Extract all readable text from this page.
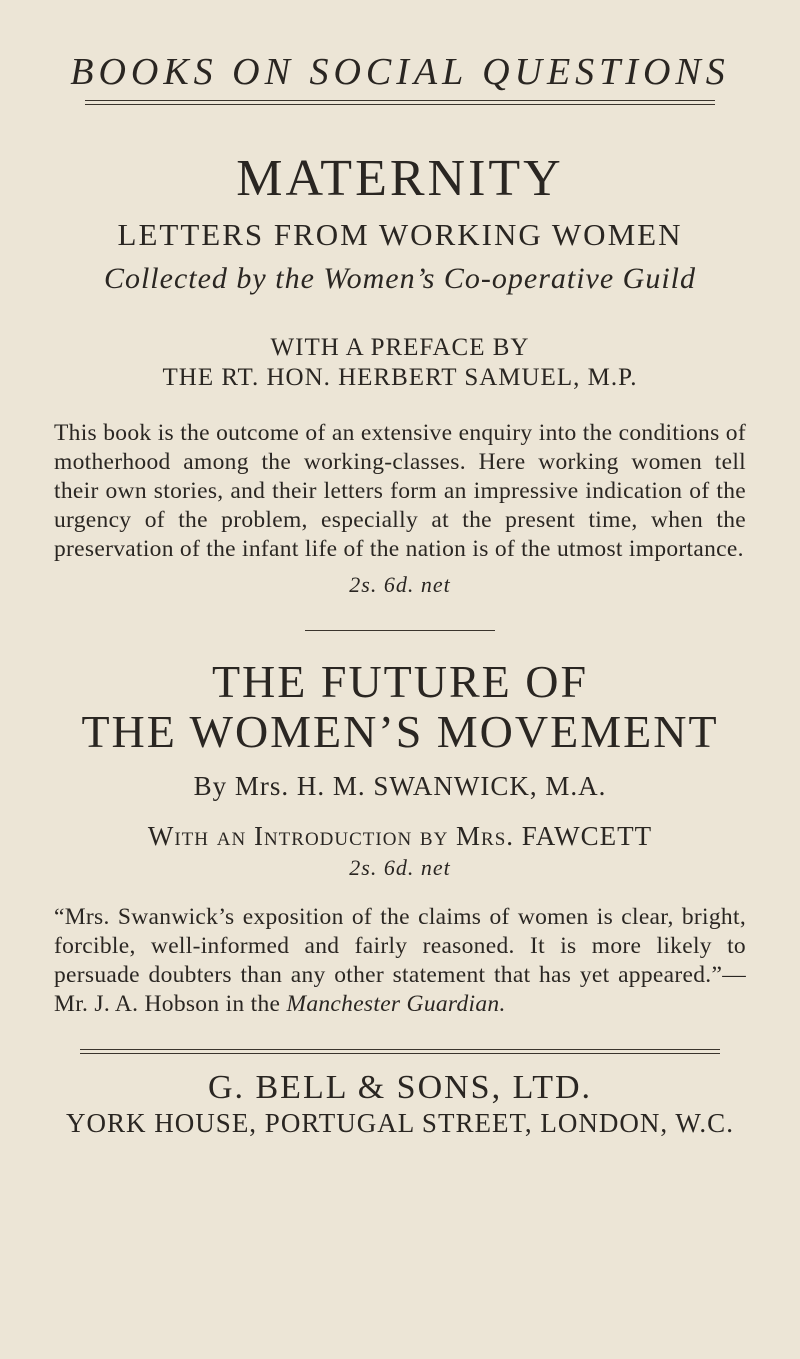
BOOKS ON SOCIAL QUESTIONS
MATERNITY
LETTERS FROM WORKING WOMEN
Collected by the Women’s Co-operative Guild
WITH A PREFACE BY
THE RT. HON. HERBERT SAMUEL, M.P.

This book is the outcome of an extensive enquiry into the conditions of motherhood among the working-classes. Here working women tell their own stories, and their letters form an impressive indication of the urgency of the problem, especially at the present time, when the preservation of the infant life of the nation is of the utmost importance.

2s. 6d. net
THE FUTURE OF
THE WOMEN’S MOVEMENT
By Mrs. H. M. SWANWICK, M.A.
With an Introduction by Mrs. FAWCETT
2s. 6d. net

“Mrs. Swanwick’s exposition of the claims of women is clear, bright, forcible, well-informed and fairly reasoned. It is more likely to persuade doubters than any other statement that has yet appeared.”—Mr. J. A. Hobson in the Manchester Guardian.

G. BELL & SONS, LTD.
YORK HOUSE, PORTUGAL STREET, LONDON, W.C.
